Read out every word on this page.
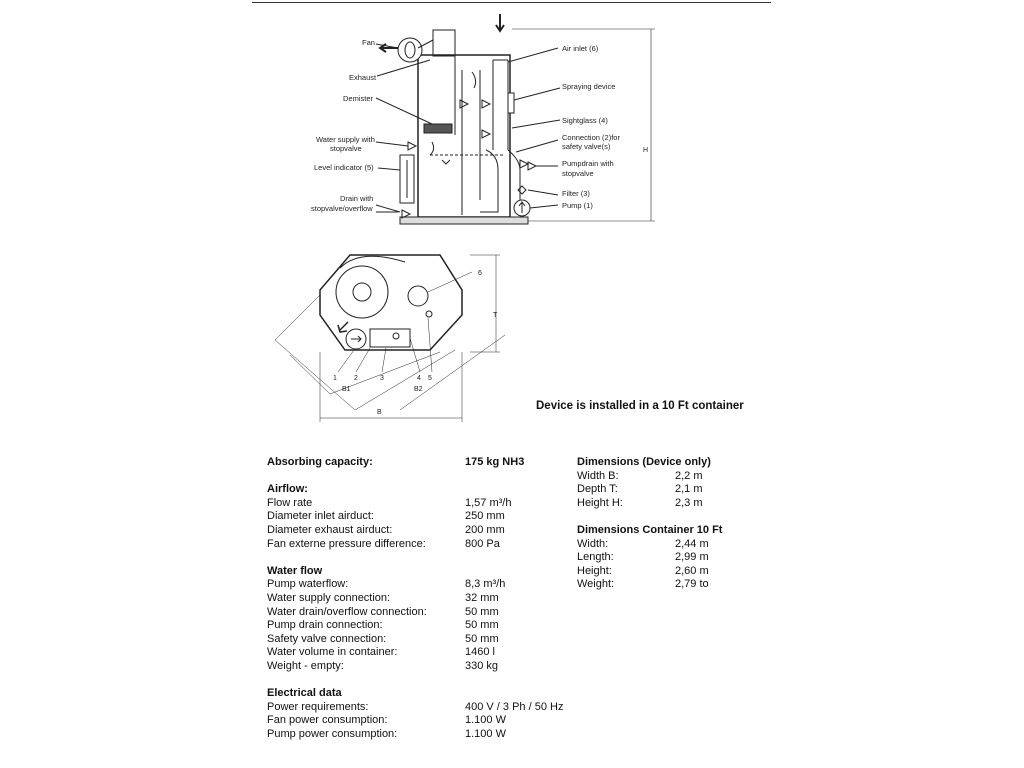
Fan
Exhaust
Demister
Water supply with
stopvalve
Level indicator (5)
Drain with
stopvalve/overflow
Air inlet (6)
Spraying device
Sightglass (4)
Connection (2)for
safety valve(s)
Pumpdrain with
stopvalve
Filter (3)
Pump (1)
H
6
T
1 2	3	4 5
B1	B2
B
Device is installed in a 10 Ft container
Absorbing capacity:	175 kg NH3
Airflow:
Flow rate	1,57 m³/h
Diameter inlet airduct:	250 mm
Diameter exhaust airduct:	200 mm
Fan externe pressure difference:	800 Pa
Water flow
Pump waterflow:	8,3 m³/h
Water supply connection:	32 mm
Water drain/overflow connection:	50 mm
Pump drain connection:	50 mm
Safety valve connection:	50 mm
Water volume in container:	1460 l
Weight - empty:	330 kg
Electrical data
Power requirements:	400 V / 3 Ph / 50 Hz
Fan power consumption:	1.100 W
Pump power consumption:	1.100 W
Dimensions (Device only)
Width B:	2,2 m
Depth T:	2,1 m
Height H:	2,3 m
Dimensions Container 10 Ft
Width:	2,44 m
Length:	2,99 m
Height:	2,60 m
Weight:	2,79 to
